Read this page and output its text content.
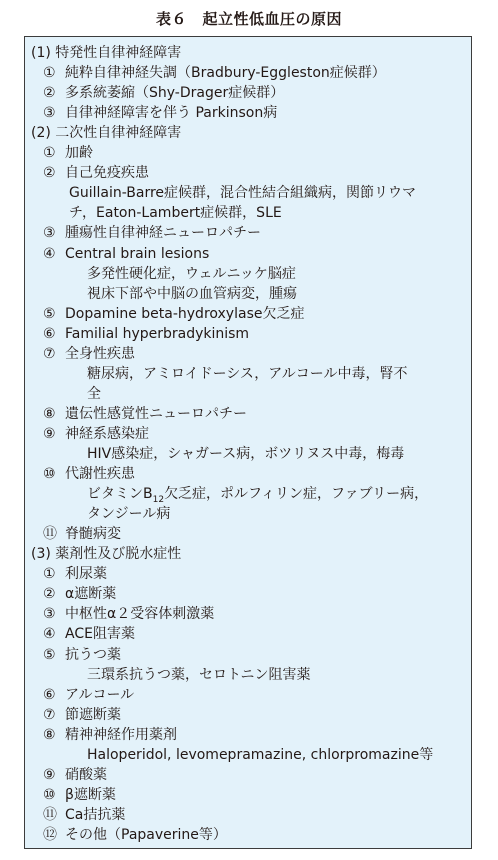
表６　起立性低血圧の原因
(1) 特発性自律神経障害
① 純粋自律神経失調（Bradbury-Eggleston症候群）
② 多系統萎縮（Shy-Drager症候群）
③ 自律神経障害を伴う Parkinson病
(2) 二次性自律神経障害
① 加齢
② 自己免疫疾患
Guillain-Barre症候群，混合性結合組織病，関節リウマ
チ，Eaton-Lambert症候群，SLE
③ 腫瘍性自律神経ニューロパチー
④ Central brain lesions
多発性硬化症，ウェルニッケ脳症
視床下部や中脳の血管病変，腫瘍
⑤ Dopamine beta-hydroxylase欠乏症
⑥ Familial hyperbradykinism
⑦ 全身性疾患
糖尿病，アミロイドーシス，アルコール中毒，腎不
全
⑧ 遺伝性感覚性ニューロパチー
⑨ 神経系感染症
HIV感染症，シャガース病，ボツリヌス中毒，梅毒
⑩ 代謝性疾患
ビタミン$B_{12}$欠乏症，ポルフィリン症，ファブリー病，
タンジール病
⑪ 脊髄病変
(3) 薬剤性及び脱水症性
① 利尿薬
② α遮断薬
③ 中枢性α２受容体刺激薬
④ ACE阻害薬
⑤ 抗うつ薬
三環系抗うつ薬，セロトニン阻害薬
⑥ アルコール
⑦ 節遮断薬
⑧ 精神神経作用薬剤
Haloperidol, levomepramazine, chlorpromazine等
⑨ 硝酸薬
⑩ β遮断薬
⑪ Ca拮抗薬
⑫ その他（Papaverine等）
